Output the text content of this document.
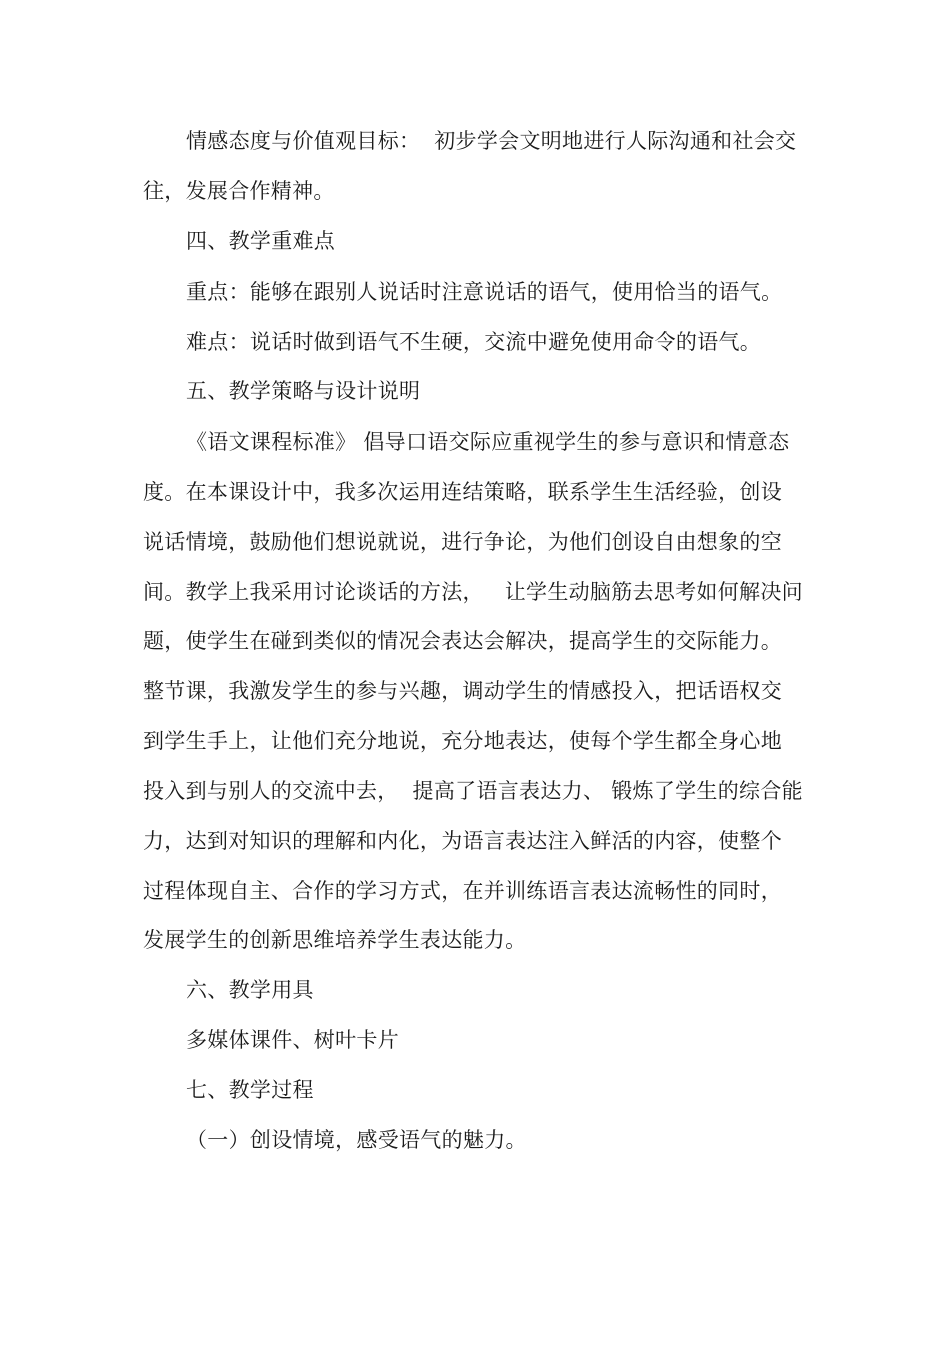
情感态度与价值观目标：  初步学会文明地进行人际沟通和社会交
往，发展合作精神。
四、教学重难点
重点：能够在跟别人说话时注意说话的语气，使用恰当的语气。
难点：说话时做到语气不生硬，交流中避免使用命令的语气。
五、教学策略与设计说明
《语文课程标准》 倡导口语交际应重视学生的参与意识和情意态
度。在本课设计中，我多次运用连结策略，联系学生生活经验，创设
说话情境，鼓励他们想说就说，进行争论，为他们创设自由想象的空
间。教学上我采用讨论谈话的方法，   让学生动脑筋去思考如何解决问
题，使学生在碰到类似的情况会表达会解决，提高学生的交际能力。
整节课，我激发学生的参与兴趣，调动学生的情感投入，把话语权交
到学生手上，让他们充分地说，充分地表达，使每个学生都全身心地
投入到与别人的交流中去，  提高了语言表达力、 锻炼了学生的综合能
力，达到对知识的理解和内化，为语言表达注入鲜活的内容，使整个
过程体现自主、合作的学习方式，在并训练语言表达流畅性的同时，
发展学生的创新思维培养学生表达能力。
六、教学用具
多媒体课件、树叶卡片
七、教学过程
（一）创设情境，感受语气的魅力。
